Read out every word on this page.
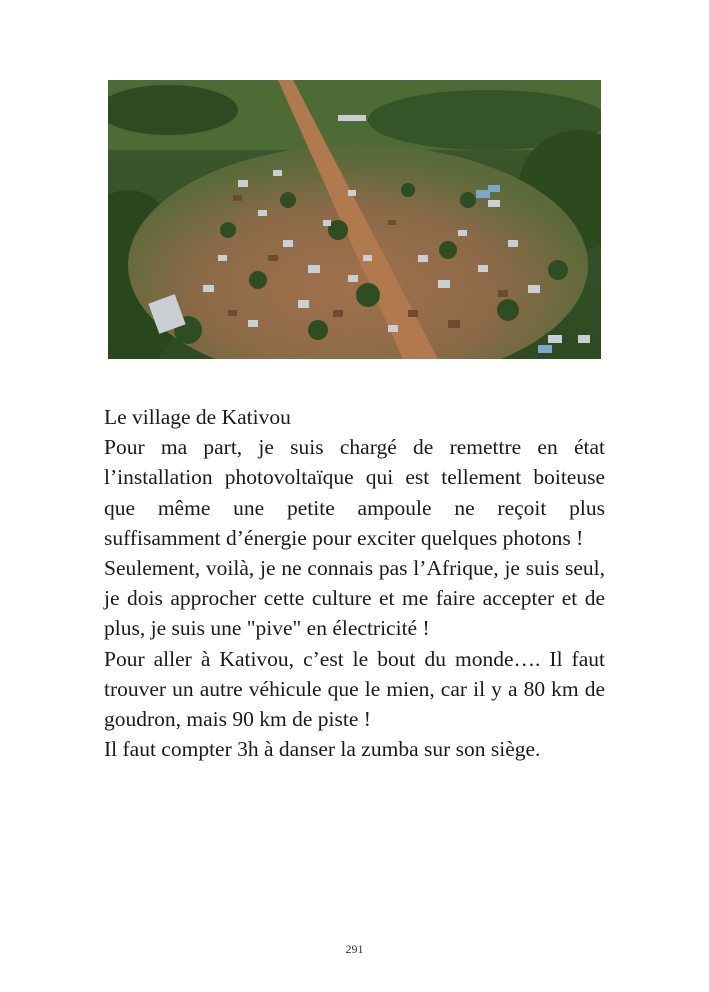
Le village de Kativou

Pour ma part, je suis chargé de remettre en état l’installation photovoltaïque qui est tellement boiteuse que même une petite ampoule ne reçoit plus suffisamment d’énergie pour exciter quelques photons !

Seulement, voilà, je ne connais pas l’Afrique, je suis seul, je dois approcher cette culture et me faire accepter et de plus, je suis une "pive" en électricité !

Pour aller à Kativou, c’est le bout du monde…. Il faut trouver un autre véhicule que le mien, car il y a 80 km de goudron, mais 90 km de piste !

Il faut compter 3h à danser la zumba sur son siège.

291
